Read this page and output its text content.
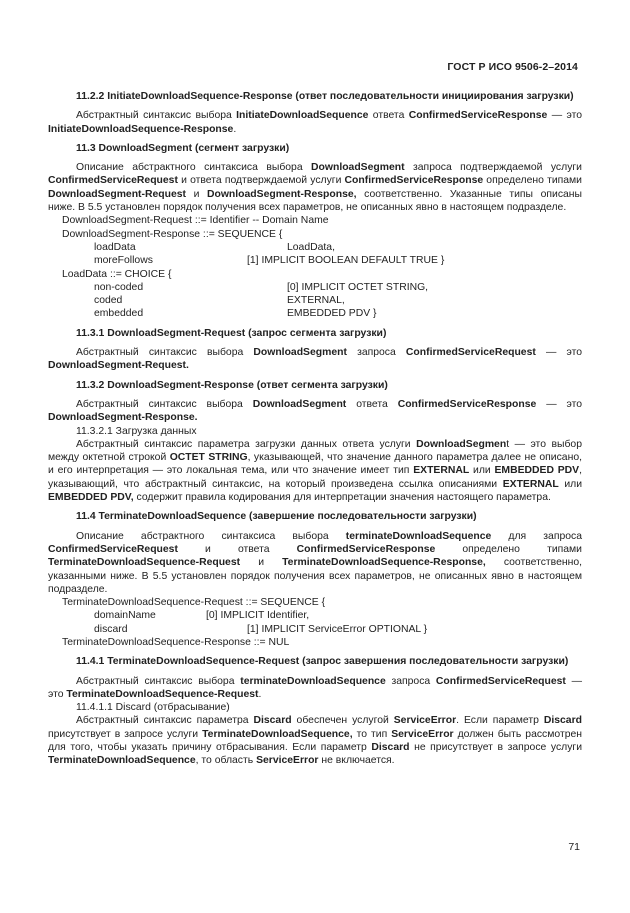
ГОСТ Р ИСО 9506-2–2014

11.2.2 InitiateDownloadSequence-Response (ответ последовательности инициирования загрузки)

Абстрактный синтаксис выбора InitiateDownloadSequence ответа ConfirmedServiceResponse — это InitiateDownloadSequence-Response.

11.3 DownloadSegment (сегмент загрузки)

Описание абстрактного синтаксиса выбора DownloadSegment запроса подтверждаемой услуги ConfirmedServiceRequest и ответа подтверждаемой услуги ConfirmedServiceResponse определено типами DownloadSegment-Request и DownloadSegment-Response, соответственно. Указанные типы описаны ниже. В 5.5 установлен порядок получения всех параметров, не описанных явно в настоящем подразделе.

DownloadSegment-Request ::= Identifier -- Domain Name
DownloadSegment-Response ::= SEQUENCE {
loadData	LoadData,
moreFollows	[1] IMPLICIT BOOLEAN DEFAULT TRUE }
LoadData ::= CHOICE {
non-coded	[0] IMPLICIT OCTET STRING,
coded	EXTERNAL,
embedded	EMBEDDED PDV }

11.3.1 DownloadSegment-Request (запрос сегмента загрузки)

Абстрактный синтаксис выбора DownloadSegment запроса ConfirmedServiceRequest — это DownloadSegment-Request.

11.3.2 DownloadSegment-Response (ответ сегмента загрузки)

Абстрактный синтаксис выбора DownloadSegment ответа ConfirmedServiceResponse — это DownloadSegment-Response.

11.3.2.1 Загрузка данных

Абстрактный синтаксис параметра загрузки данных ответа услуги DownloadSegment — это выбор между октетной строкой OCTET STRING, указывающей, что значение данного параметра далее не описано, и его интерпретация — это локальная тема, или что значение имеет тип EXTERNAL или EMBEDDED PDV, указывающий, что абстрактный синтаксис, на который произведена ссылка описаниями EXTERNAL или EMBEDDED PDV, содержит правила кодирования для интерпретации значения настоящего параметра.

11.4 TerminateDownloadSequence (завершение последовательности загрузки)

Описание абстрактного синтаксиса выбора terminateDownloadSequence для запроса ConfirmedServiceRequest и ответа ConfirmedServiceResponse определено типами TerminateDownloadSequence-Request и TerminateDownloadSequence-Response, соответственно, указанными ниже. В 5.5 установлен порядок получения всех параметров, не описанных явно в настоящем подразделе.

TerminateDownloadSequence-Request ::= SEQUENCE {
domainName	[0] IMPLICIT Identifier,
discard	[1] IMPLICIT ServiceError OPTIONAL }
TerminateDownloadSequence-Response ::= NUL

11.4.1 TerminateDownloadSequence-Request (запрос завершения последовательности загрузки)

Абстрактный синтаксис выбора terminateDownloadSequence запроса ConfirmedServiceRequest — это TerminateDownloadSequence-Request.

11.4.1.1 Discard (отбрасывание)

Абстрактный синтаксис параметра Discard обеспечен услугой ServiceError. Если параметр Discard присутствует в запросе услуги TerminateDownloadSequence, то тип ServiceError должен быть рассмотрен для того, чтобы указать причину отбрасывания. Если параметр Discard не присутствует в запросе услуги TerminateDownloadSequence, то область ServiceError не включается.

71
